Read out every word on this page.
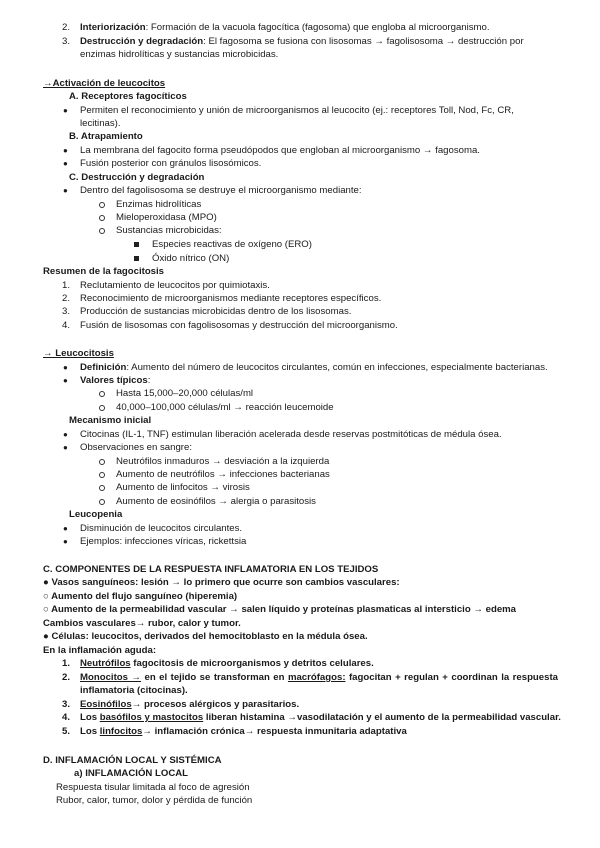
2. Interiorización: Formación de la vacuola fagocítica (fagosoma) que engloba al microorganismo.
3. Destrucción y degradación: El fagosoma se fusiona con lisosomas → fagolisosoma → destrucción por
enzimas hidrolíticas y sustancias microbicidas.
→Activación de leucocitos
A. Receptores fagocíticos
● Permiten el reconocimiento y unión de microorganismos al leucocito (ej.: receptores Toll, Nod, Fc, CR,
lecitinas).
B. Atrapamiento
● La membrana del fagocito forma pseudópodos que engloban al microorganismo → fagosoma.
● Fusión posterior con gránulos lisosómicos.
C. Destrucción y degradación
● Dentro del fagolisosoma se destruye el microorganismo mediante:
Enzimas hidrolíticas
Mieloperoxidasa (MPO)
Sustancias microbicidas:
Especies reactivas de oxígeno (ERO)
Óxido nítrico (ON)
Resumen de la fagocitosis
1. Reclutamiento de leucocitos por quimiotaxis.
2. Reconocimiento de microorganismos mediante receptores específicos.
3. Producción de sustancias microbicidas dentro de los lisosomas.
4. Fusión de lisosomas con fagolisosomas y destrucción del microorganismo.
→ Leucocitosis
● Definición: Aumento del número de leucocitos circulantes, común en infecciones, especialmente bacterianas.
● Valores típicos:
Hasta 15,000–20,000 células/ml
40,000–100,000 células/ml → reacción leucemoide
Mecanismo inicial
● Citocinas (IL-1, TNF) estimulan liberación acelerada desde reservas postmitóticas de médula ósea.
● Observaciones en sangre:
Neutrófilos inmaduros → desviación a la izquierda
Aumento de neutrófilos → infecciones bacterianas
Aumento de linfocitos → virosis
Aumento de eosinófilos → alergia o parasitosis
Leucopenia
● Disminución de leucocitos circulantes.
● Ejemplos: infecciones víricas, rickettsia
C. COMPONENTES DE LA RESPUESTA INFLAMATORIA EN LOS TEJIDOS
● Vasos sanguíneos: lesión → lo primero que ocurre son cambios vasculares:
○ Aumento del flujo sanguíneo (hiperemia)
○ Aumento de la permeabilidad vascular → salen líquido y proteínas plasmaticas al intersticio → edema
Cambios vasculares→ rubor, calor y tumor.
● Células: leucocitos, derivados del hemocitoblasto en la médula ósea.
En la inflamación aguda:
1. Neutrófilos fagocitosis de microorganismos y detritos celulares.
2. Monocitos → en el tejido se transforman en macrófagos: fagocitan + regulan + coordinan la respuesta
inflamatoria (citocinas).
3. Eosinófilos→ procesos alérgicos y parasitarios.
4. Los basófilos y mastocitos liberan histamina →vasodilatación y el aumento de la permeabilidad vascular.
5. Los linfocitos→ inflamación crónica→ respuesta inmunitaria adaptativa
D. INFLAMACIÓN LOCAL Y SISTÉMICA
a) INFLAMACIÓN LOCAL
Respuesta tisular limitada al foco de agresión
Rubor, calor, tumor, dolor y pérdida de función
